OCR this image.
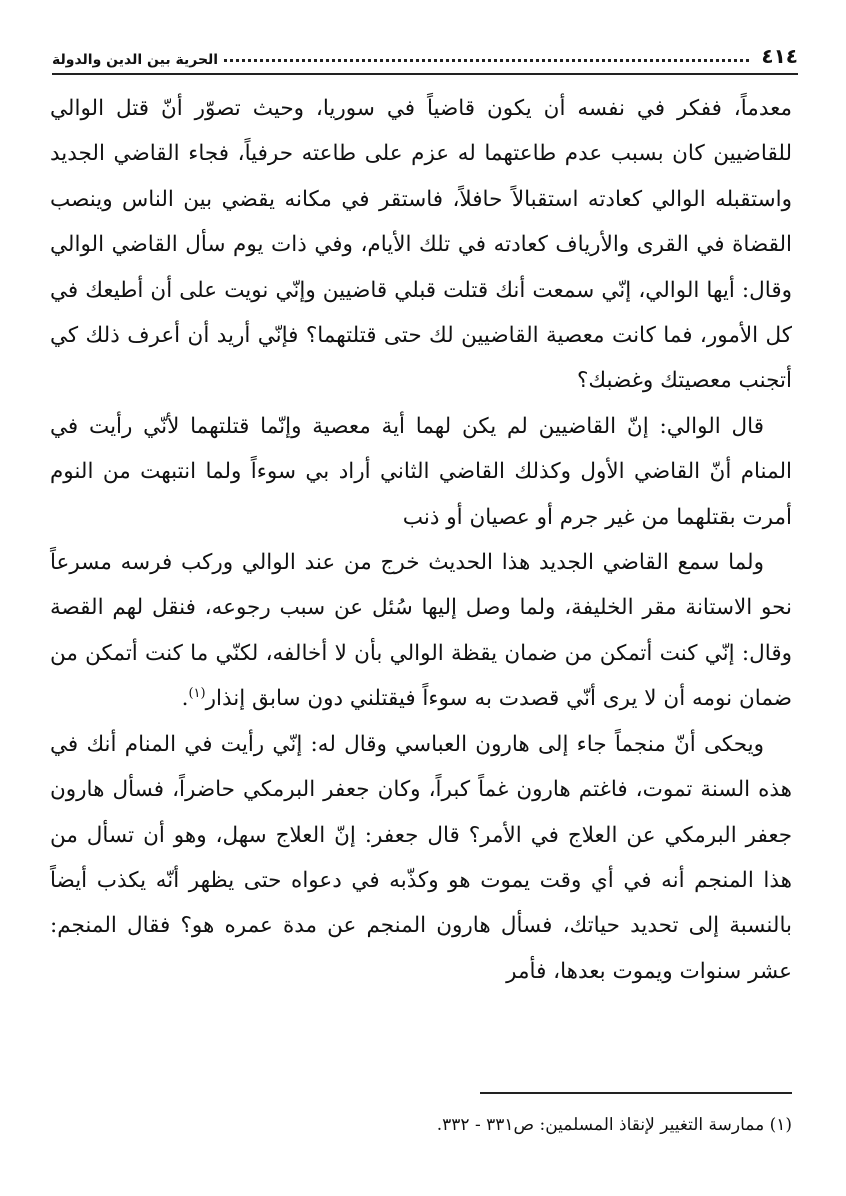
٤١٤
الحرية بين الدين والدولة

معدماً، ففكر في نفسه أن يكون قاضياً في سوريا، وحيث تصوّر أنّ قتل الوالي للقاضيين كان بسبب عدم طاعتهما له عزم على طاعته حرفياً، فجاء القاضي الجديد واستقبله الوالي كعادته استقبالاً حافلاً، فاستقر في مكانه يقضي بين الناس وينصب القضاة في القرى والأرياف كعادته في تلك الأيام، وفي ذات يوم سأل القاضي الوالي وقال: أيها الوالي، إنّي سمعت أنك قتلت قبلي قاضيين وإنّي نويت على أن أطيعك في كل الأمور، فما كانت معصية القاضيين لك حتى قتلتهما؟ فإنّي أريد أن أعرف ذلك كي أتجنب معصيتك وغضبك؟

قال الوالي: إنّ القاضيين لم يكن لهما أية معصية وإنّما قتلتهما لأنّي رأيت في المنام أنّ القاضي الأول وكذلك القاضي الثاني أراد بي سوءاً ولما انتبهت من النوم أمرت بقتلهما من غير جرم أو عصيان أو ذنب

ولما سمع القاضي الجديد هذا الحديث خرج من عند الوالي وركب فرسه مسرعاً نحو الاستانة مقر الخليفة، ولما وصل إليها سُئل عن سبب رجوعه، فنقل لهم القصة وقال: إنّي كنت أتمكن من ضمان يقظة الوالي بأن لا أخالفه، لكنّي ما كنت أتمكن من ضمان نومه أن لا يرى أنّي قصدت به سوءاً فيقتلني دون سابق إنذار$^{(١)}$.

ويحكى أنّ منجماً جاء إلى هارون العباسي وقال له: إنّي رأيت في المنام أنك في هذه السنة تموت، فاغتم هارون غماً كبراً، وكان جعفر البرمكي حاضراً، فسأل هارون جعفر البرمكي عن العلاج في الأمر؟ قال جعفر: إنّ العلاج سهل، وهو أن تسأل من هذا المنجم أنه في أي وقت يموت هو وكذّبه في دعواه حتى يظهر أنّه يكذب أيضاً بالنسبة إلى تحديد حياتك، فسأل هارون المنجم عن مدة عمره هو؟ فقال المنجم: عشر سنوات ويموت بعدها، فأمر

(١) ممارسة التغيير لإنقاذ المسلمين: ص٣٣١ - ٣٣٢.
